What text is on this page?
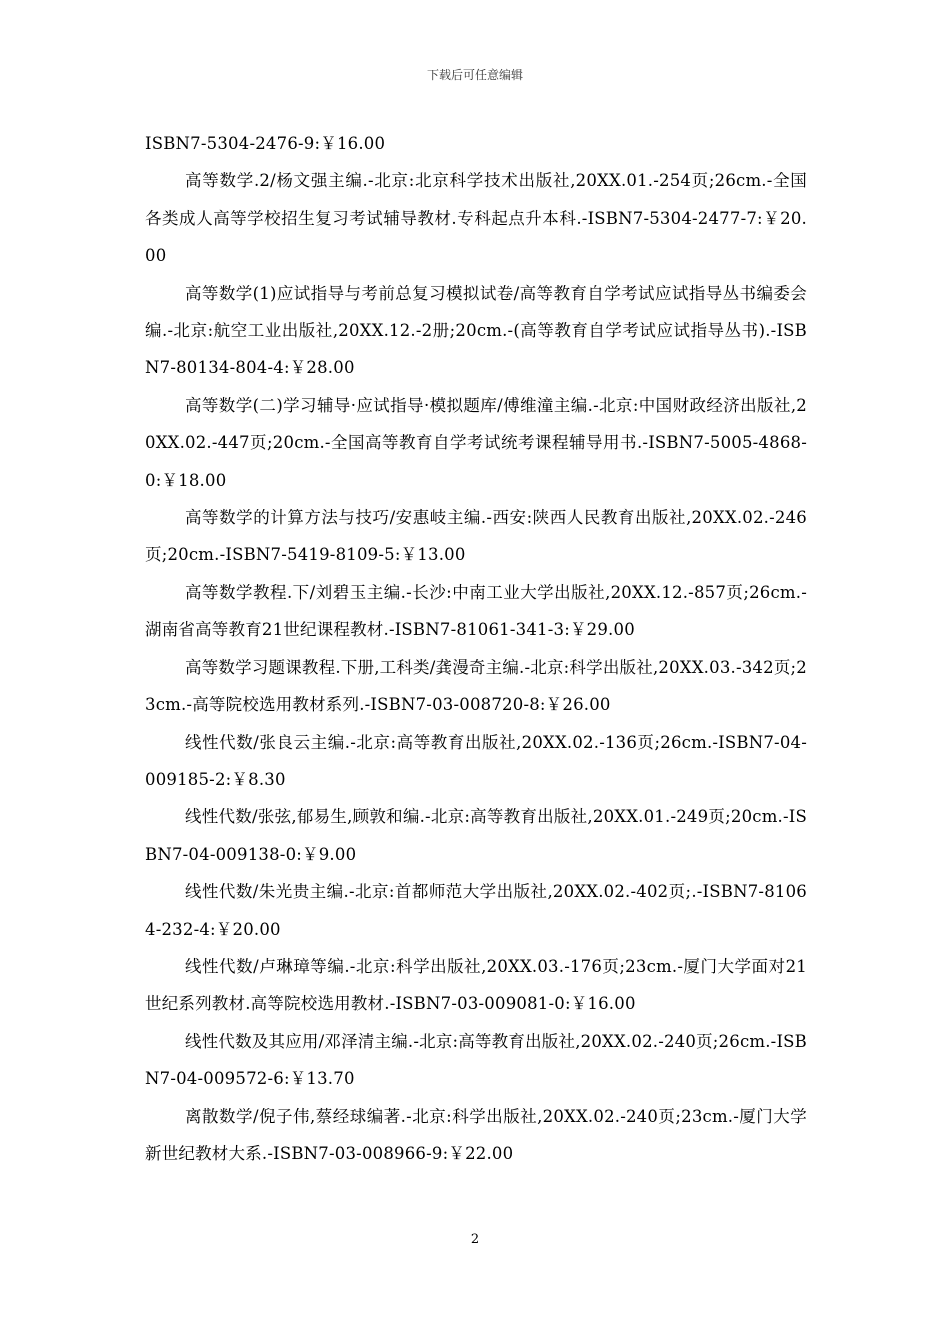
下载后可任意编辑

ISBN7-5304-2476-9:￥16.00

高等数学.2/杨文强主编.-北京:北京科学技术出版社,20XX.01.-254页;26cm.-全国各类成人高等学校招生复习考试辅导教材.专科起点升本科.-ISBN7-5304-2477-7:￥20.00

高等数学(1)应试指导与考前总复习模拟试卷/高等教育自学考试应试指导丛书编委会编.-北京:航空工业出版社,20XX.12.-2册;20cm.-(高等教育自学考试应试指导丛书).-ISBN7-80134-804-4:￥28.00

高等数学(二)学习辅导·应试指导·模拟题库/傅维潼主编.-北京:中国财政经济出版社,20XX.02.-447页;20cm.-全国高等教育自学考试统考课程辅导用书.-ISBN7-5005-4868-0:￥18.00

高等数学的计算方法与技巧/安惠岐主编.-西安:陕西人民教育出版社,20XX.02.-246页;20cm.-ISBN7-5419-8109-5:￥13.00

高等数学教程.下/刘碧玉主编.-长沙:中南工业大学出版社,20XX.12.-857页;26cm.-湖南省高等教育21世纪课程教材.-ISBN7-81061-341-3:￥29.00

高等数学习题课教程.下册,工科类/龚漫奇主编.-北京:科学出版社,20XX.03.-342页;23cm.-高等院校选用教材系列.-ISBN7-03-008720-8:￥26.00

线性代数/张良云主编.-北京:高等教育出版社,20XX.02.-136页;26cm.-ISBN7-04-009185-2:￥8.30

线性代数/张弦,郁易生,顾敦和编.-北京:高等教育出版社,20XX.01.-249页;20cm.-ISBN7-04-009138-0:￥9.00

线性代数/朱光贵主编.-北京:首都师范大学出版社,20XX.02.-402页;.-ISBN7-81064-232-4:￥20.00

线性代数/卢琳璋等编.-北京:科学出版社,20XX.03.-176页;23cm.-厦门大学面对21世纪系列教材.高等院校选用教材.-ISBN7-03-009081-0:￥16.00

线性代数及其应用/邓泽清主编.-北京:高等教育出版社,20XX.02.-240页;26cm.-ISBN7-04-009572-6:￥13.70

离散数学/倪子伟,蔡经球编著.-北京:科学出版社,20XX.02.-240页;23cm.-厦门大学新世纪教材大系.-ISBN7-03-008966-9:￥22.00

2
